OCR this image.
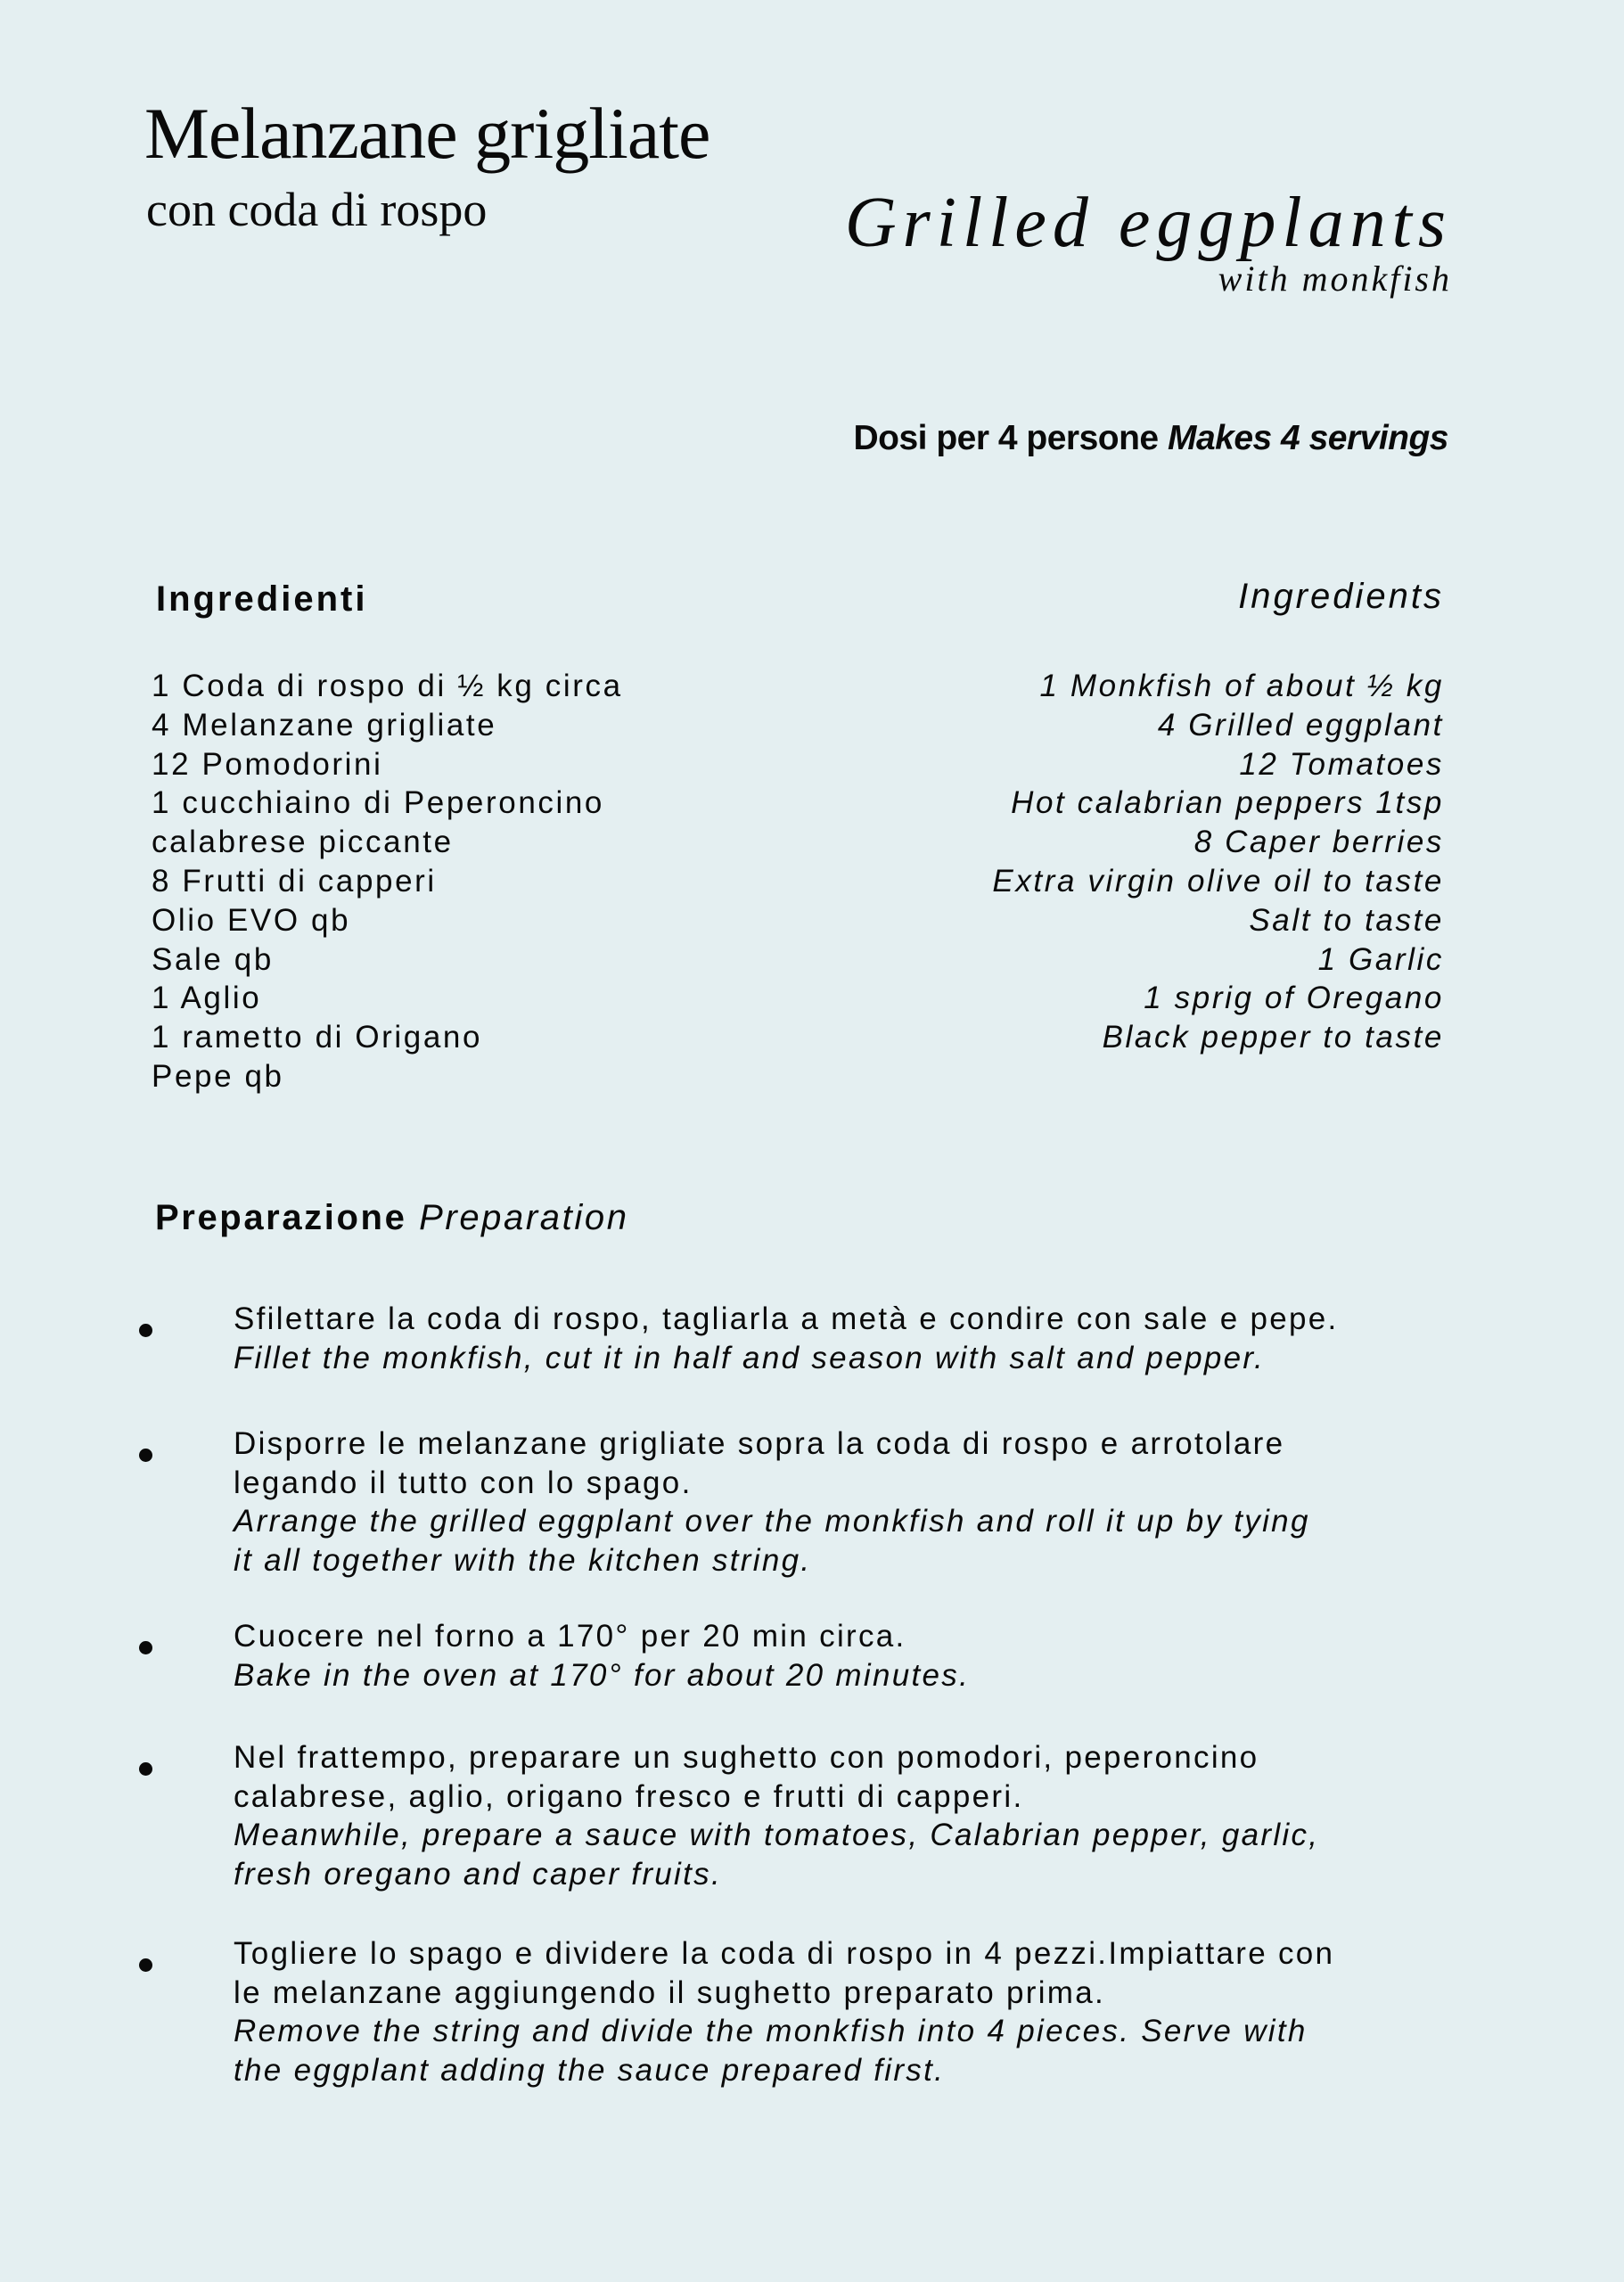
Melanzane grigliate
con coda di rospo	Grilled eggplants
with monkfish
Dosi per 4 persone Makes 4 servings
Ingredienti	Ingredients
1 Coda di rospo di ½ kg circa
4 Melanzane grigliate
12 Pomodorini
1 cucchiaino di Peperoncino
calabrese piccante
8 Frutti di capperi
Olio EVO qb
Sale qb
1 Aglio
1 rametto di Origano
Pepe qb
1 Monkfish of about ½ kg
4 Grilled eggplant
12 Tomatoes
Hot calabrian peppers 1tsp
8 Caper berries
Extra virgin olive oil to taste
Salt to taste
1 Garlic
1 sprig of Oregano
Black pepper to taste
Preparazione Preparation
Sfilettare la coda di rospo, tagliarla a metà e condire con sale e pepe.
Fillet the monkfish, cut it in half and season with salt and pepper.
Disporre le melanzane grigliate sopra la coda di rospo e arrotolare
legando il tutto con lo spago.
Arrange the grilled eggplant over the monkfish and roll it up by tying
it all together with the kitchen string.
Cuocere nel forno a 170° per 20 min circa.
Bake in the oven at 170° for about 20 minutes.
Nel frattempo, preparare un sughetto con pomodori, peperoncino
calabrese, aglio, origano fresco e frutti di capperi.
Meanwhile, prepare a sauce with tomatoes, Calabrian pepper, garlic,
fresh oregano and caper fruits.
Togliere lo spago e dividere la coda di rospo in 4 pezzi.Impiattare con
le melanzane aggiungendo il sughetto preparato prima.
Remove the string and divide the monkfish into 4 pieces. Serve with
the eggplant adding the sauce prepared first.
